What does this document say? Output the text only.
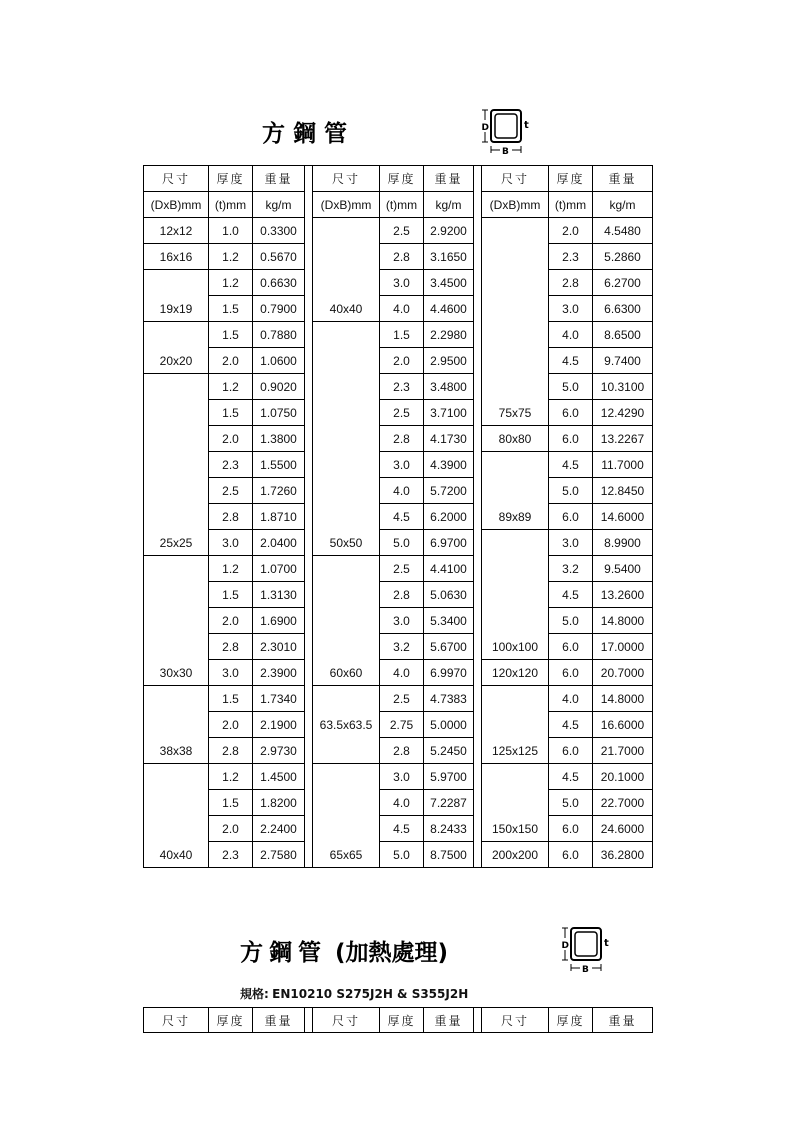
方鋼管	D	t
B
尺寸	厚度	重量		尺寸	厚度	重量		尺寸	厚度	重量
(DxB)mm	(t)mm	kg/m		(DxB)mm	(t)mm	kg/m		(DxB)mm	(t)mm	kg/m
12x12	1.0	0.3300		40x40	2.5	2.9200		75x75	2.0	4.5480
16x16	1.2	0.5670			2.8	3.1650			2.3	5.2860
19x19	1.2	0.6630			3.0	3.4500			2.8	6.2700
	1.5	0.7900			4.0	4.4600			3.0	6.6300
20x20	1.5	0.7880		50x50	1.5	2.2980			4.0	8.6500
	2.0	1.0600			2.0	2.9500			4.5	9.7400
25x25	1.2	0.9020			2.3	3.4800			5.0	10.3100
	1.5	1.0750			2.5	3.7100			6.0	12.4290
	2.0	1.3800			2.8	4.1730		80x80	6.0	13.2267
	2.3	1.5500			3.0	4.3900		89x89	4.5	11.7000
	2.5	1.7260			4.0	5.7200			5.0	12.8450
	2.8	1.8710			4.5	6.2000			6.0	14.6000
	3.0	2.0400			5.0	6.9700		100x100	3.0	8.9900
30x30	1.2	1.0700		60x60	2.5	4.4100			3.2	9.5400
	1.5	1.3130			2.8	5.0630			4.5	13.2600
	2.0	1.6900			3.0	5.3400			5.0	14.8000
	2.8	2.3010			3.2	5.6700			6.0	17.0000
	3.0	2.3900			4.0	6.9970		120x120	6.0	20.7000
38x38	1.5	1.7340		63.5x63.5	2.5	4.7383		125x125	4.0	14.8000
	2.0	2.1900			2.75	5.0000			4.5	16.6000
	2.8	2.9730			2.8	5.2450			6.0	21.7000
40x40	1.2	1.4500		65x65	3.0	5.9700		150x150	4.5	20.1000
	1.5	1.8200			4.0	7.2287			5.0	22.7000
	2.0	2.2400			4.5	8.2433			6.0	24.6000
	2.3	2.7580			5.0	8.7500		200x200	6.0	36.2800
方鋼管 (加熱處理)	D	t
B
規格: EN10210 S275J2H & S355J2H
尺寸	厚度	重量		尺寸	厚度	重量		尺寸	厚度	重量
